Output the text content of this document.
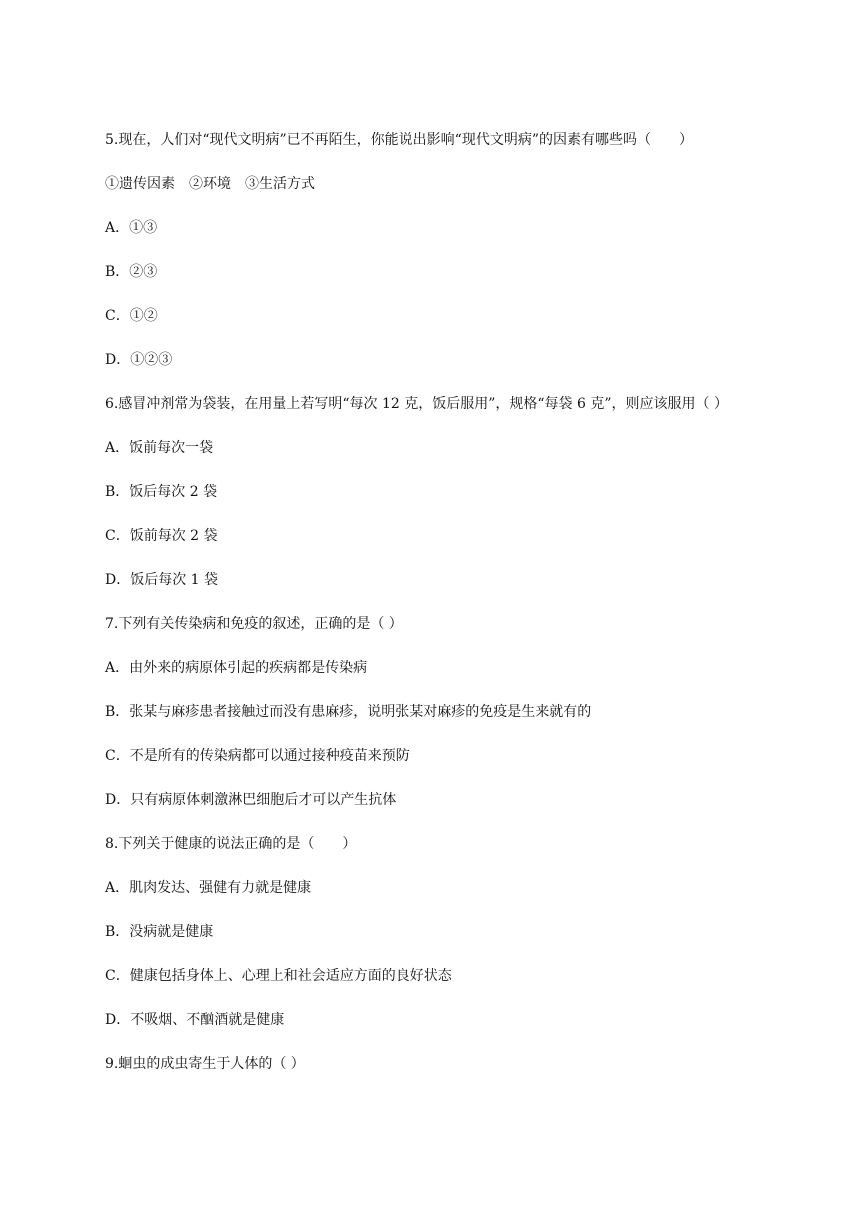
5.现在，人们对“现代文明病”已不再陌生，你能说出影响“现代文明病”的因素有哪些吗（　　）
①遗传因素　②环境　③生活方式
A．①③
B．②③
C．①②
D．①②③
6.感冒冲剂常为袋装，在用量上若写明“每次 12 克，饭后服用”，规格“每袋 6 克”，则应该服用（ ）
A．饭前每次一袋
B．饭后每次 2 袋
C．饭前每次 2 袋
D．饭后每次 1 袋
7.下列有关传染病和免疫的叙述，正确的是（ ）
A．由外来的病原体引起的疾病都是传染病
B．张某与麻疹患者接触过而没有患麻疹，说明张某对麻疹的免疫是生来就有的
C．不是所有的传染病都可以通过接种疫苗来预防
D．只有病原体刺激淋巴细胞后才可以产生抗体
8.下列关于健康的说法正确的是（　　）
A．肌肉发达、强健有力就是健康
B．没病就是健康
C．健康包括身体上、心理上和社会适应方面的良好状态
D．不吸烟、不酗酒就是健康
9.蛔虫的成虫寄生于人体的（ ）
